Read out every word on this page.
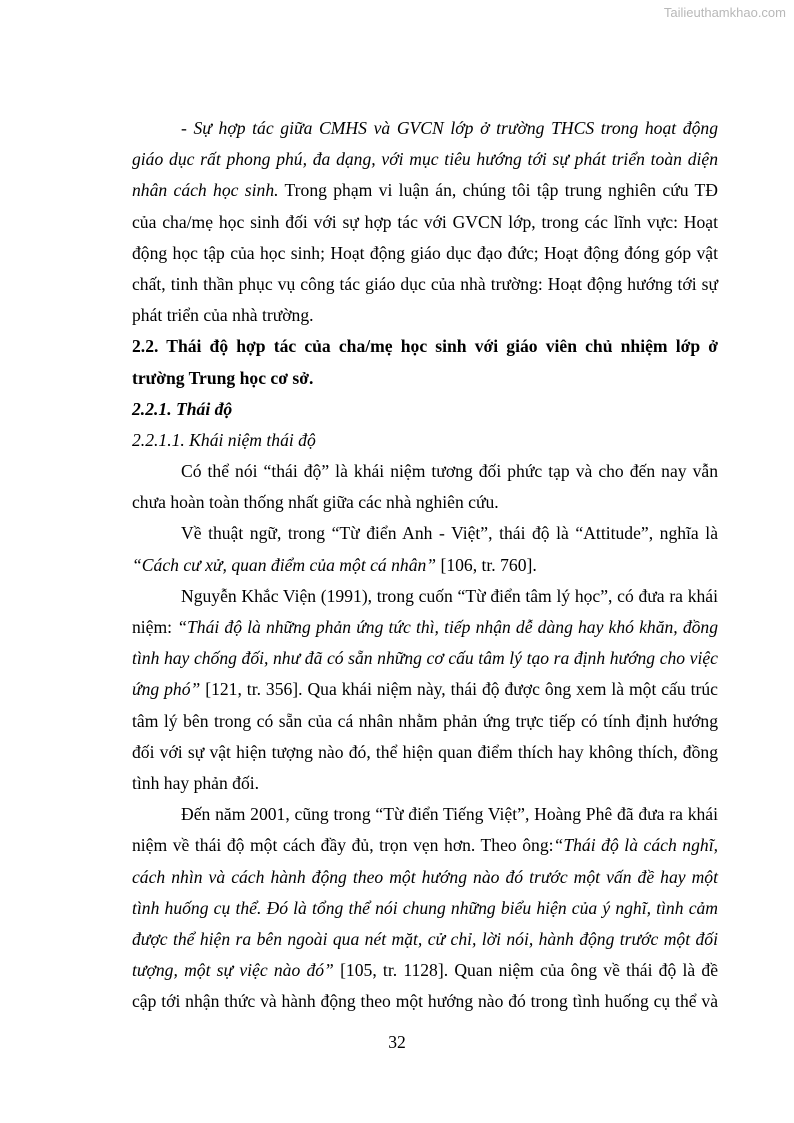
Tailieuthamkhao.com
- Sự hợp tác giữa CMHS và GVCN lớp ở trường THCS trong hoạt động
giáo dục rất phong phú, đa dạng, với mục tiêu hướng tới sự phát triển toàn diện
nhân cách học sinh. Trong phạm vi luận án, chúng tôi tập trung nghiên cứu TĐ
của cha/mẹ học sinh đối với sự hợp tác với GVCN lớp, trong các lĩnh vực: Hoạt
động học tập của học sinh; Hoạt động giáo dục đạo đức; Hoạt động đóng góp vật
chất, tinh thần phục vụ công tác giáo dục của nhà trường: Hoạt động hướng tới sự
phát triển của nhà trường.
2.2. Thái độ hợp tác của cha/mẹ học sinh với giáo viên chủ nhiệm lớp ở
trường Trung học cơ sở.
2.2.1. Thái độ
2.2.1.1. Khái niệm thái độ
Có thể nói “thái độ” là khái niệm tương đối phức tạp và cho đến nay vẫn
chưa hoàn toàn thống nhất giữa các nhà nghiên cứu.
Về thuật ngữ, trong “Từ điển Anh - Việt”, thái độ là “Attitude”, nghĩa là
“Cách cư xử, quan điểm của một cá nhân” [106, tr. 760].
Nguyễn Khắc Viện (1991), trong cuốn “Từ điển tâm lý học”, có đưa ra khái
niệm: “Thái độ là những phản ứng tức thì, tiếp nhận dễ dàng hay khó khăn, đồng
tình hay chống đối, như đã có sẵn những cơ cấu tâm lý tạo ra định hướng cho việc
ứng phó” [121, tr. 356]. Qua khái niệm này, thái độ được ông xem là một cấu trúc
tâm lý bên trong có sẵn của cá nhân nhằm phản ứng trực tiếp có tính định hướng
đối với sự vật hiện tượng nào đó, thể hiện quan điểm thích hay không thích, đồng
tình hay phản đối.
Đến năm 2001, cũng trong “Từ điển Tiếng Việt”, Hoàng Phê đã đưa ra khái
niệm về thái độ một cách đầy đủ, trọn vẹn hơn. Theo ông:“Thái độ là cách nghĩ,
cách nhìn và cách hành động theo một hướng nào đó trước một vấn đề hay một
tình huống cụ thể. Đó là tổng thể nói chung những biểu hiện của ý nghĩ, tình cảm
được thể hiện ra bên ngoài qua nét mặt, cử chỉ, lời nói, hành động trước một đối
tượng, một sự việc nào đó” [105, tr. 1128]. Quan niệm của ông về thái độ là đề
cập tới nhận thức và hành động theo một hướng nào đó trong tình huống cụ thể và
32
